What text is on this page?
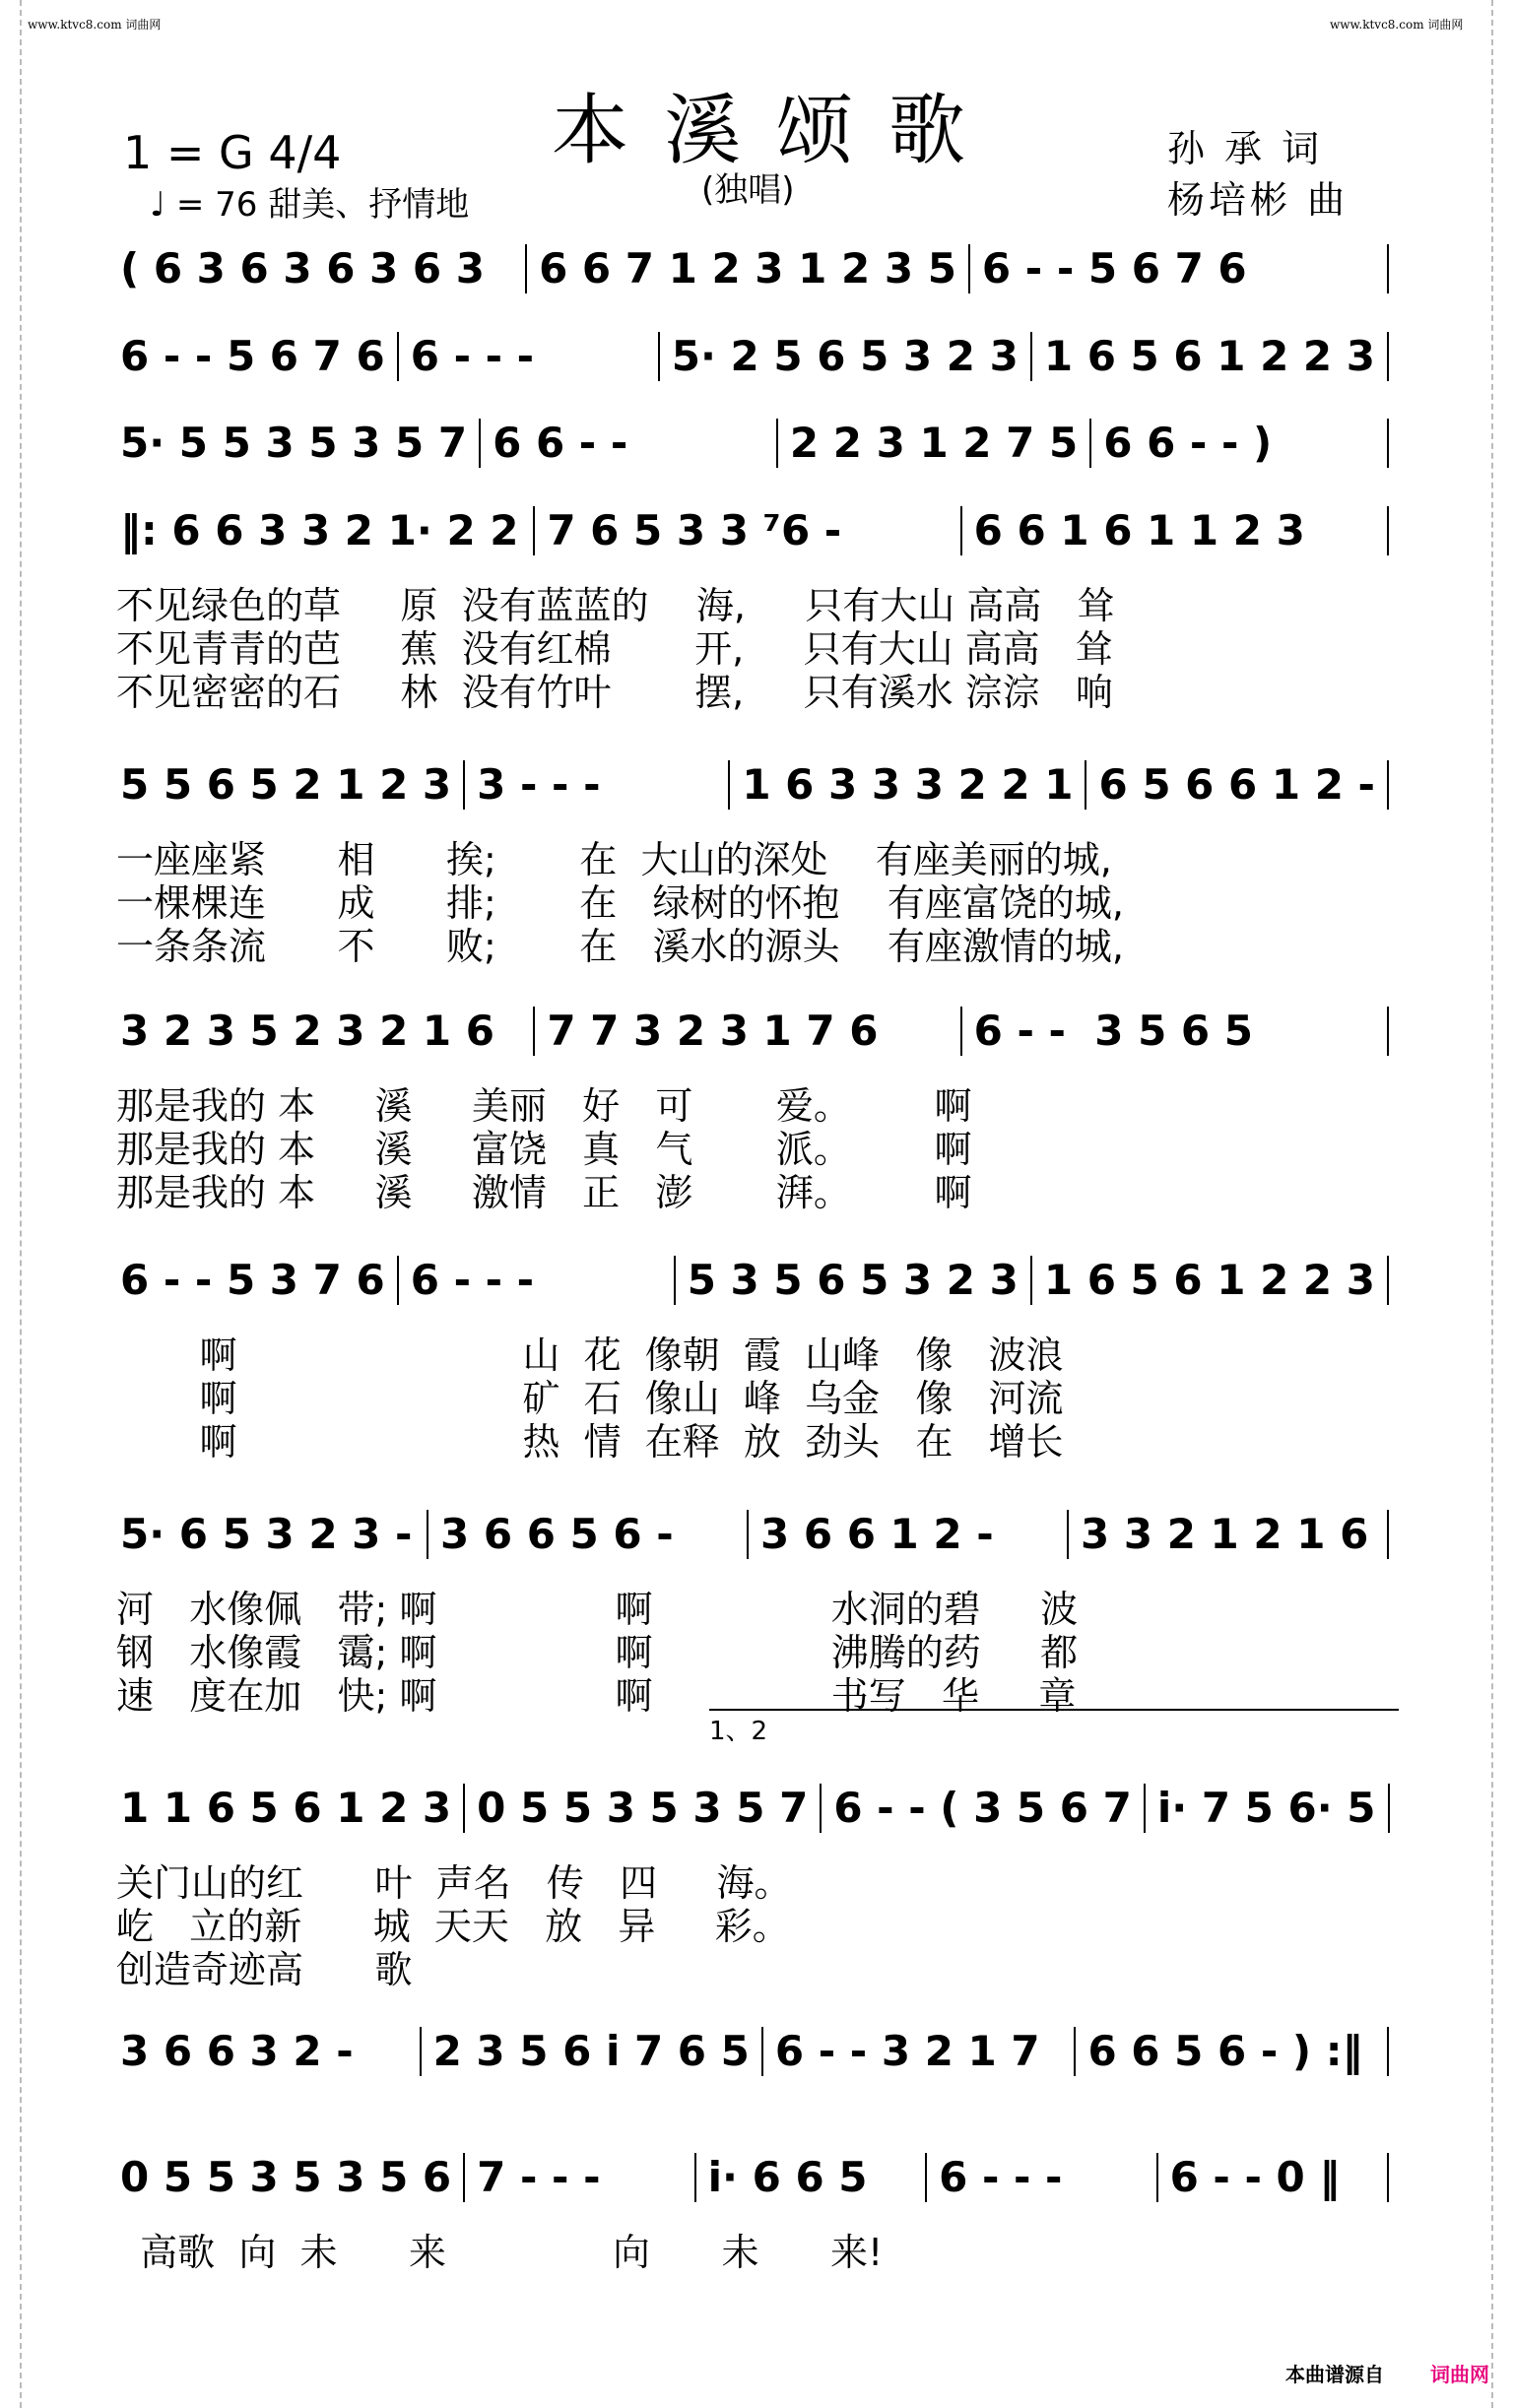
www.ktvc8.com 词曲网	www.ktvc8.com 词曲网
本溪颂歌
(独唱)
1 = G 4/4
♩ = 76 甜美、抒情地
孙 承 词
杨培彬 曲
( 6 3 6 3 6 3 6 3	6 6 7 1 2 3 1 2 3 5 6 - - 5 6 7 6
6 - - 5 6 7 6 6 - - -	5· 2 5 6 5 3 2 3 1 6 5 6 1 2 2 3
5· 5 5 3 5 3 5 7 6 6 - -	2 2 3 1 2 7 5 6 6 - - )
‖: 6 6 3 3 2 1· 2 2 7 6 5 3 3 ⁷6 -	6 6 1 6 1 1 2 3
不见绿色的草     原  没有蓝蓝的    海,     只有大山 高高   耸
不见青青的芭     蕉  没有红棉       开,     只有大山 高高   耸
不见密密的石     林  没有竹叶       摆,     只有溪水 淙淙   响
5 5 6 5 2 1 2 3 3 - - -	1 6 3 3 3 2 2 1 6 5 6 6 1 2 -
一座座紧      相      挨;       在  大山的深处    有座美丽的城,
一棵棵连      成      排;       在   绿树的怀抱    有座富饶的城,
一条条流      不      败;       在   溪水的源头    有座激情的城,
3 2 3 5 2 3 2 1 6	7 7 3 2 3 1 7 6	6 - -  3 5 6 5
那是我的 本     溪     美丽   好   可       爱。       啊
那是我的 本     溪     富饶   真   气       派。       啊
那是我的 本     溪     激情   正   澎       湃。       啊
6 - - 5 3 7 6 6 - - -	5 3 5 6 5 3 2 3 1 6 5 6 1 2 2 3
啊                        山  花  像朝  霞  山峰   像   波浪
啊                        矿  石  像山  峰  乌金   像   河流
啊                        热  情  在释  放  劲头   在   增长
5· 6 5 3 2 3 - 3 6 6 5 6 -	3 6 6 1 2 -	3 3 2 1 2 1 6
河   水像佩   带; 啊               啊               水洞的碧     波
钢   水像霞   霭; 啊               啊               沸腾的药     都
速   度在加   快; 啊               啊               书写   华     章
1 1 6 5 6 1 2 3 0 5 5 3 5 3 5 7 6 - - ( 3 5 6 7 i· 7 5 6· 5
关门山的红      叶  声名   传   四     海。
屹   立的新      城  天天   放   异     彩。
创造奇迹高      歌
3 6 6 3 2 -	2 3 5 6 i 7 6 5 6 - - 3 2 1 7	6 6 5 6 - ) :‖
0 5 5 3 5 3 5 6 7 - - -	i· 6 6 5	6 - - -	6 - - 0 ‖
高歌  向  未      来              向      未      来!
1、2
本曲谱源自 词曲网
